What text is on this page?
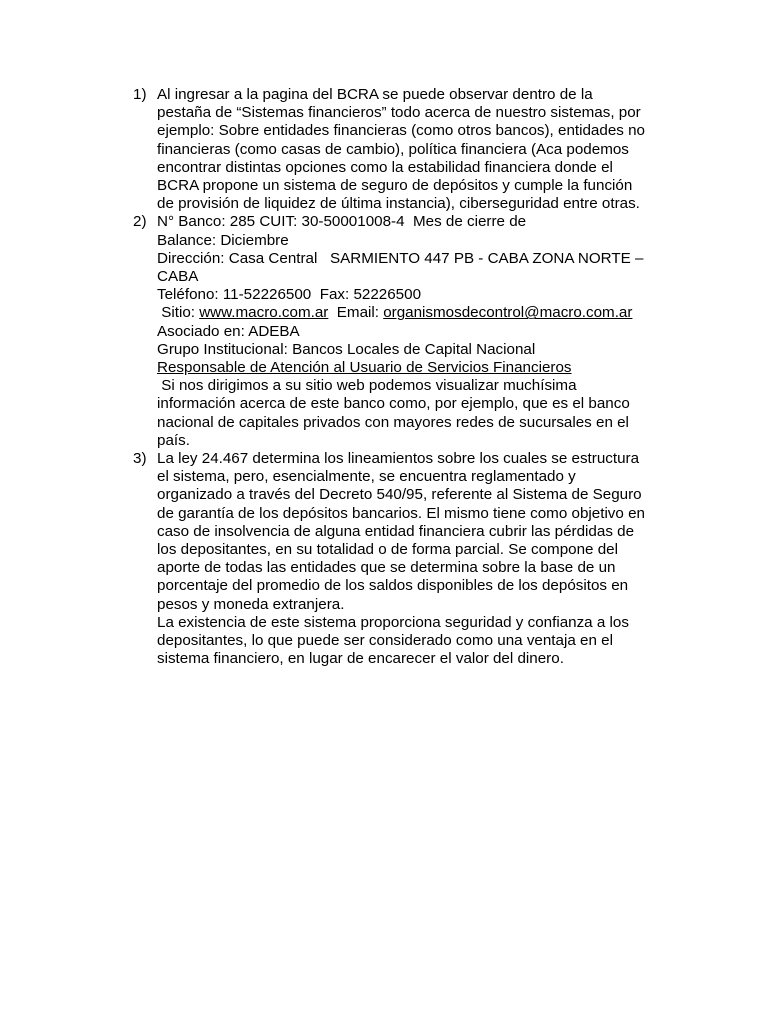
1) Al ingresar a la pagina del BCRA se puede observar dentro de la
pestaña de “Sistemas financieros” todo acerca de nuestro sistemas, por
ejemplo: Sobre entidades financieras (como otros bancos), entidades no
financieras (como casas de cambio), política financiera (Aca podemos
encontrar distintas opciones como la estabilidad financiera donde el
BCRA propone un sistema de seguro de depósitos y cumple la función
de provisión de liquidez de última instancia), ciberseguridad entre otras.
2) N° Banco: 285 CUIT: 30-50001008-4  Mes de cierre de
Balance: Diciembre
Dirección: Casa Central   SARMIENTO 447 PB - CABA ZONA NORTE –
CABA
Teléfono: 11-52226500  Fax: 52226500
Sitio: www.macro.com.ar  Email: organismosdecontrol@macro.com.ar
Asociado en: ADEBA
Grupo Institucional: Bancos Locales de Capital Nacional
Responsable de Atención al Usuario de Servicios Financieros
Si nos dirigimos a su sitio web podemos visualizar muchísima
información acerca de este banco como, por ejemplo, que es el banco
nacional de capitales privados con mayores redes de sucursales en el
país.
3) La ley 24.467 determina los lineamientos sobre los cuales se estructura
el sistema, pero, esencialmente, se encuentra reglamentado y
organizado a través del Decreto 540/95, referente al Sistema de Seguro
de garantía de los depósitos bancarios. El mismo tiene como objetivo en
caso de insolvencia de alguna entidad financiera cubrir las pérdidas de
los depositantes, en su totalidad o de forma parcial. Se compone del
aporte de todas las entidades que se determina sobre la base de un
porcentaje del promedio de los saldos disponibles de los depósitos en
pesos y moneda extranjera.
La existencia de este sistema proporciona seguridad y confianza a los
depositantes, lo que puede ser considerado como una ventaja en el
sistema financiero, en lugar de encarecer el valor del dinero.
